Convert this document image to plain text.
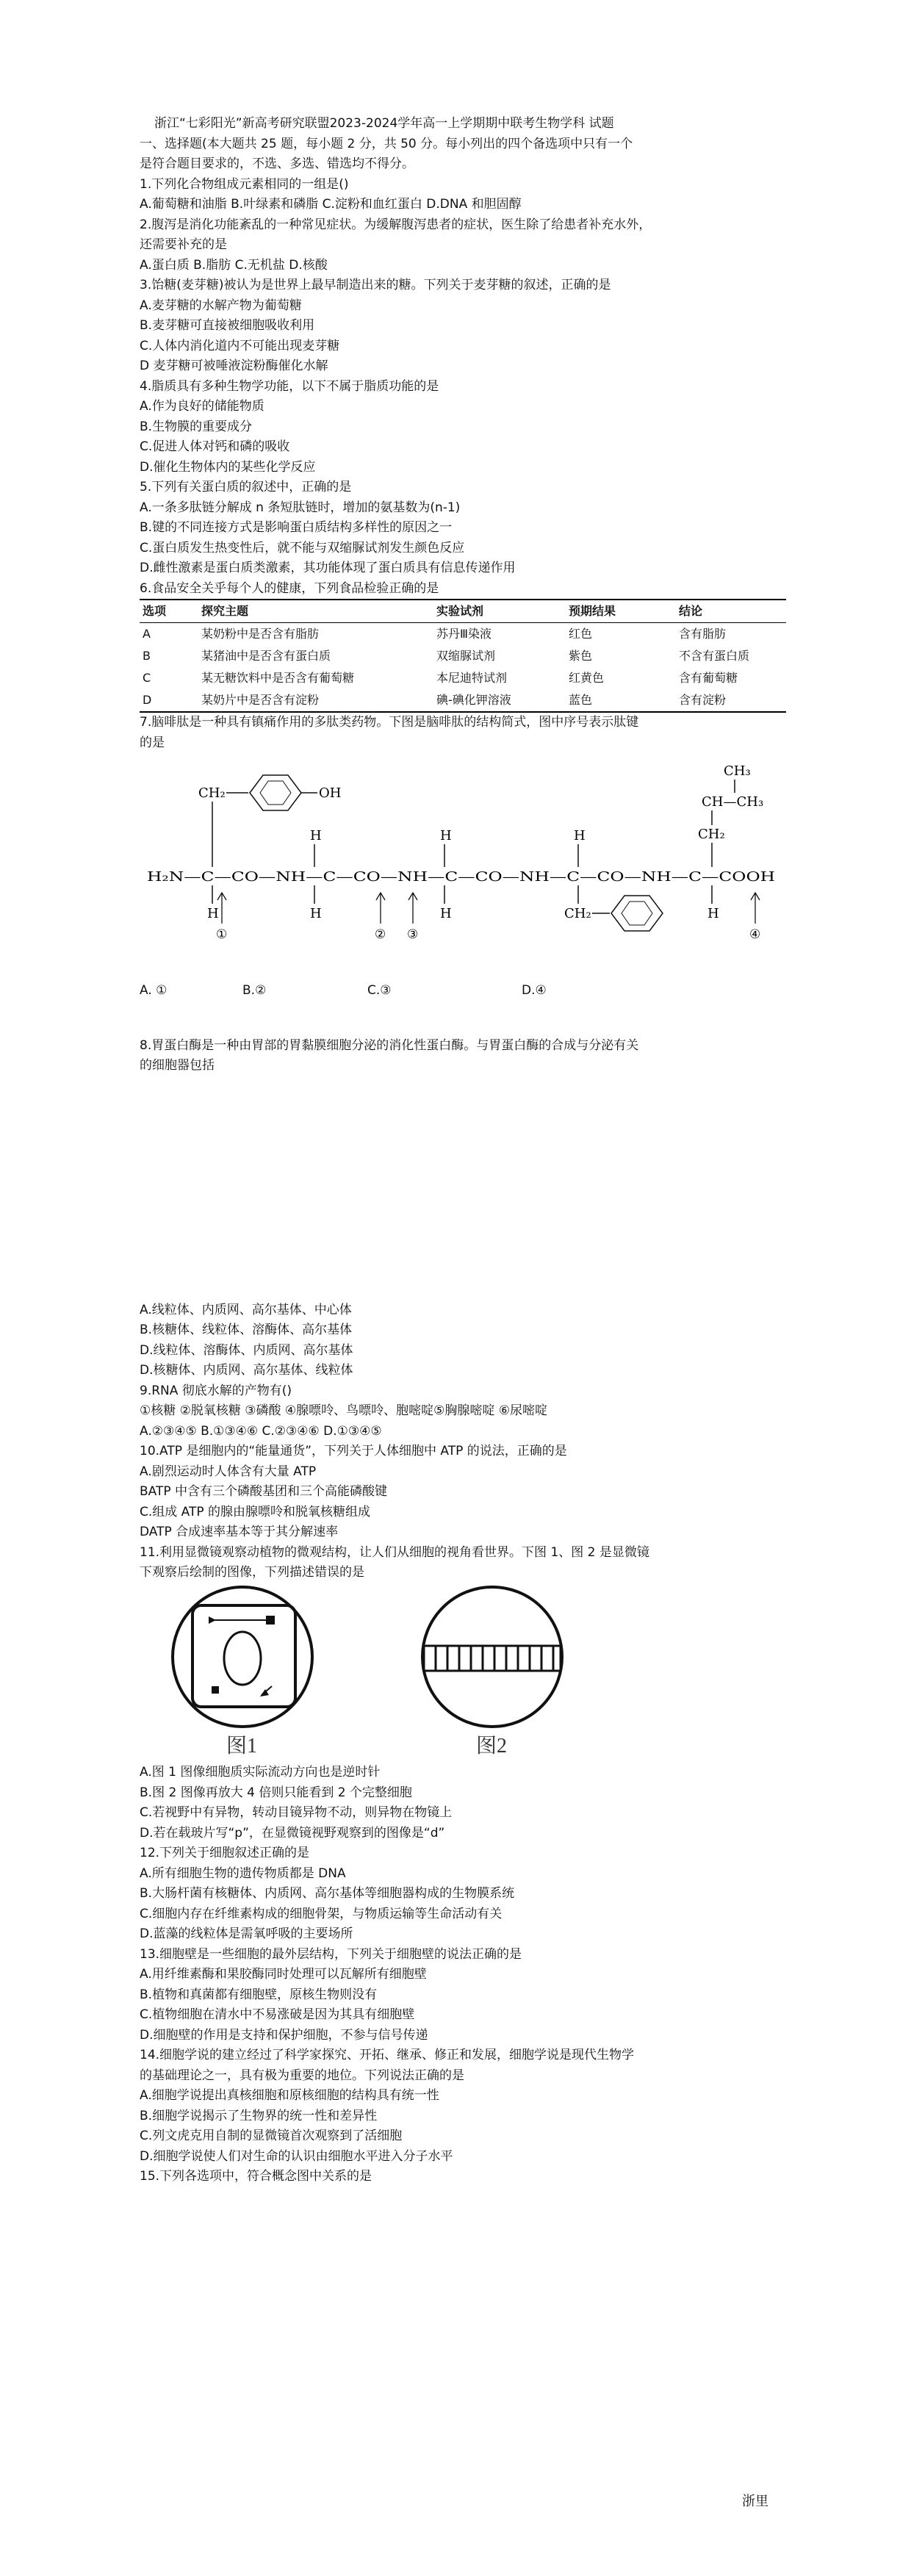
浙江“七彩阳光”新高考研究联盟2023-2024学年高一上学期期中联考生物学科 试题
一、选择题(本大题共 25 题，每小题 2 分，共 50 分。每小列出的四个备选项中只有一个
是符合题目要求的，不选、多选、错选均不得分。
1.下列化合物组成元素相同的一组是()
A.葡萄糖和油脂 B.叶绿素和磷脂 C.淀粉和血红蛋白 D.DNA 和胆固醇
2.腹泻是消化功能紊乱的一种常见症状。为缓解腹泻患者的症状，医生除了给患者补充水外，
还需要补充的是
A.蛋白质 B.脂肪 C.无机盐 D.核酸
3.饴糖(麦芽糖)被认为是世界上最早制造出来的糖。下列关于麦芽糖的叙述，正确的是
A.麦芽糖的水解产物为葡萄糖
B.麦芽糖可直接被细胞吸收利用
C.人体内消化道内不可能出现麦芽糖
D 麦芽糖可被唾液淀粉酶催化水解
4.脂质具有多种生物学功能，以下不属于脂质功能的是
A.作为良好的储能物质
B.生物膜的重要成分
C.促进人体对钙和磷的吸收
D.催化生物体内的某些化学反应
5.下列有关蛋白质的叙述中，正确的是
A.一条多肽链分解成 n 条短肽链时，增加的氨基数为(n-1)
B.键的不同连接方式是影响蛋白质结构多样性的原因之一
C.蛋白质发生热变性后，就不能与双缩脲试剂发生颜色反应
D.雌性激素是蛋白质类激素，其功能体现了蛋白质具有信息传递作用
6.食品安全关乎每个人的健康，下列食品检验正确的是
选项	探究主题	实验试剂	预期结果	结论
A	某奶粉中是否含有脂肪	苏丹Ⅲ染液	红色	含有脂肪
B	某猪油中是否含有蛋白质	双缩脲试剂	紫色	不含有蛋白质
C	某无糖饮料中是否含有葡萄糖	本尼迪特试剂	红黄色	含有葡萄糖
D	某奶片中是否含有淀粉	碘-碘化钾溶液	蓝色	含有淀粉
7.脑啡肽是一种具有镇痛作用的多肽类药物。下图是脑啡肽的结构简式，图中序号表示肽键
的是
CH₃
CH—CH₃
CH₂
CH₂	OH
H	H	H
H₂N—C—CO—NH—C—CO—NH—C—CO—NH—C—CO—NH—C—COOH
H	H	H	CH₂	H
①	② ③	④
A. ①	B.②	C.③	D.④
8.胃蛋白酶是一种由胃部的胃黏膜细胞分泌的消化性蛋白酶。与胃蛋白酶的合成与分泌有关
的细胞器包括
A.线粒体、内质网、高尔基体、中心体
B.核糖体、线粒体、溶酶体、高尔基体
D.线粒体、溶酶体、内质网、高尔基体
D.核糖体、内质网、高尔基体、线粒体
9.RNA 彻底水解的产物有()
①核糖 ②脱氧核糖 ③磷酸 ④腺嘌呤、鸟嘌呤、胞嘧啶⑤胸腺嘧啶 ⑥尿嘧啶
A.②③④⑤ B.①③④⑥ C.②③④⑥ D.①③④⑤
10.ATP 是细胞内的“能量通货”，下列关于人体细胞中 ATP 的说法，正确的是
A.剧烈运动时人体含有大量 ATP
BATP 中含有三个磷酸基团和三个高能磷酸键
C.组成 ATP 的腺由腺嘌呤和脱氧核糖组成
DATP 合成速率基本等于其分解速率
11.利用显微镜观察动植物的微观结构，让人们从细胞的视角看世界。下图 1、图 2 是显微镜
下观察后绘制的图像，下列描述错误的是
图1	图2
A.图 1 图像细胞质实际流动方向也是逆时针
B.图 2 图像再放大 4 倍则只能看到 2 个完整细胞
C.若视野中有异物，转动目镜异物不动，则异物在物镜上
D.若在载玻片写“p”，在显微镜视野观察到的图像是“d”
12.下列关于细胞叙述正确的是
A.所有细胞生物的遗传物质都是 DNA
B.大肠杆菌有核糖体、内质网、高尔基体等细胞器构成的生物膜系统
C.细胞内存在纤维素构成的细胞骨架，与物质运输等生命活动有关
D.蓝藻的线粒体是需氧呼吸的主要场所
13.细胞壁是一些细胞的最外层结构，下列关于细胞壁的说法正确的是
A.用纤维素酶和果胶酶同时处理可以瓦解所有细胞壁
B.植物和真菌都有细胞壁，原核生物则没有
C.植物细胞在清水中不易涨破是因为其具有细胞壁
D.细胞壁的作用是支持和保护细胞，不参与信号传递
14.细胞学说的建立经过了科学家探究、开拓、继承、修正和发展，细胞学说是现代生物学
的基础理论之一，具有极为重要的地位。下列说法正确的是
A.细胞学说提出真核细胞和原核细胞的结构具有统一性
B.细胞学说揭示了生物界的统一性和差异性
C.列文虎克用自制的显微镜首次观察到了活细胞
D.细胞学说使人们对生命的认识由细胞水平进入分子水平
15.下列各选项中，符合概念图中关系的是
浙里
